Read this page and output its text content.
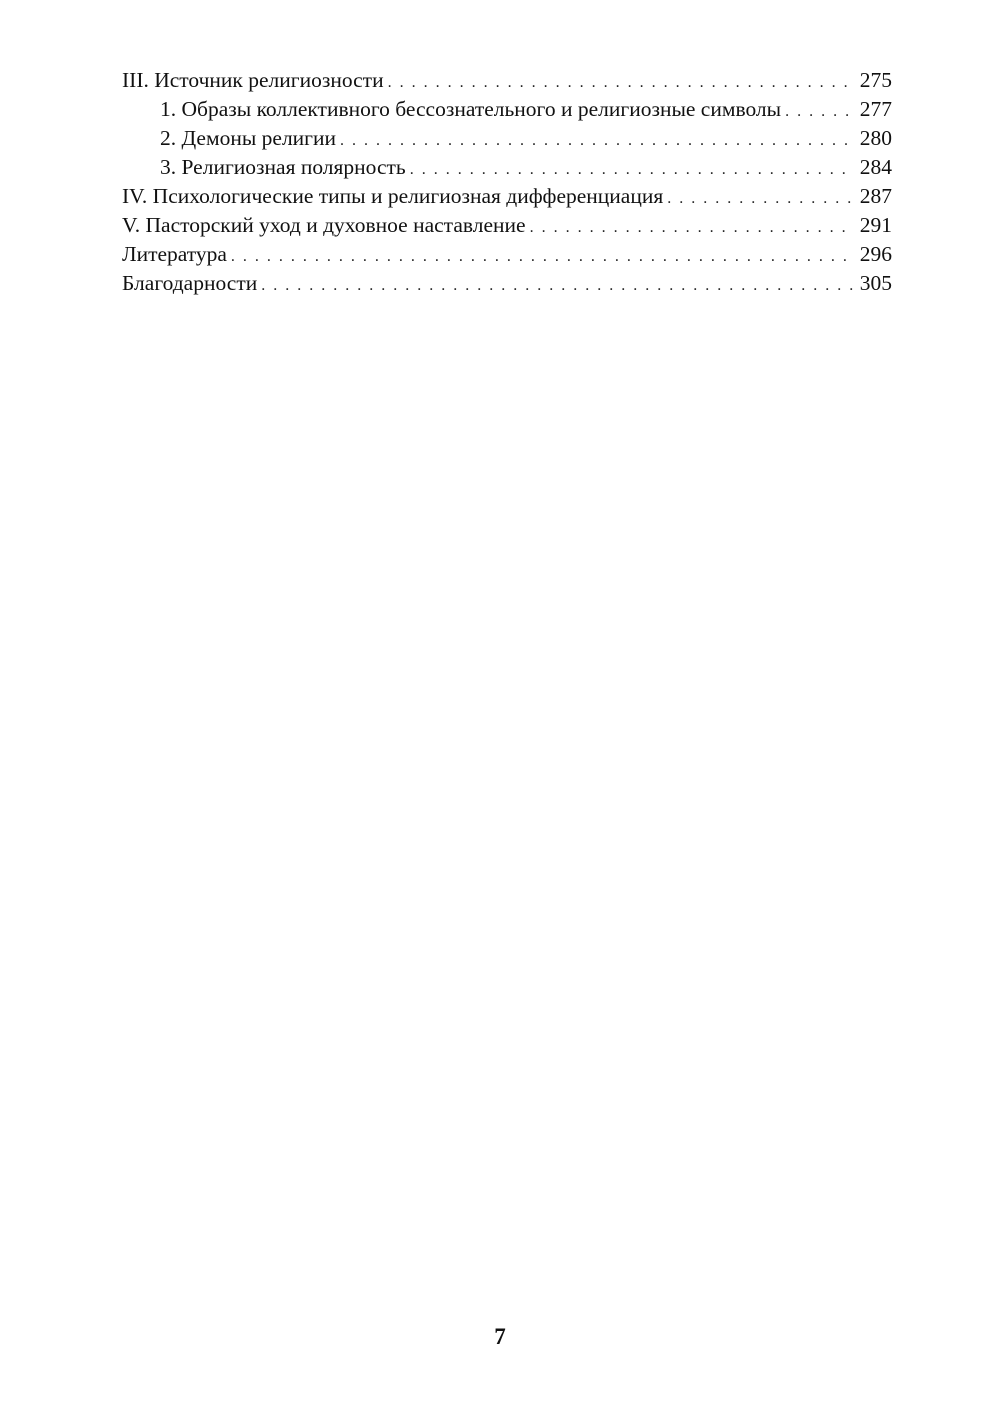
III. Источник религиозности . . .	275
1. Образы коллективного бессознательного и религиозные символы . . .	277
2. Демоны религии . . .	280
3. Религиозная полярность . . .	284
IV. Психологические типы и религиозная дифференциация . . .	287
V. Пасторский уход и духовное наставление . . .	291
Литература . . .	296
Благодарности . . .	305
7
